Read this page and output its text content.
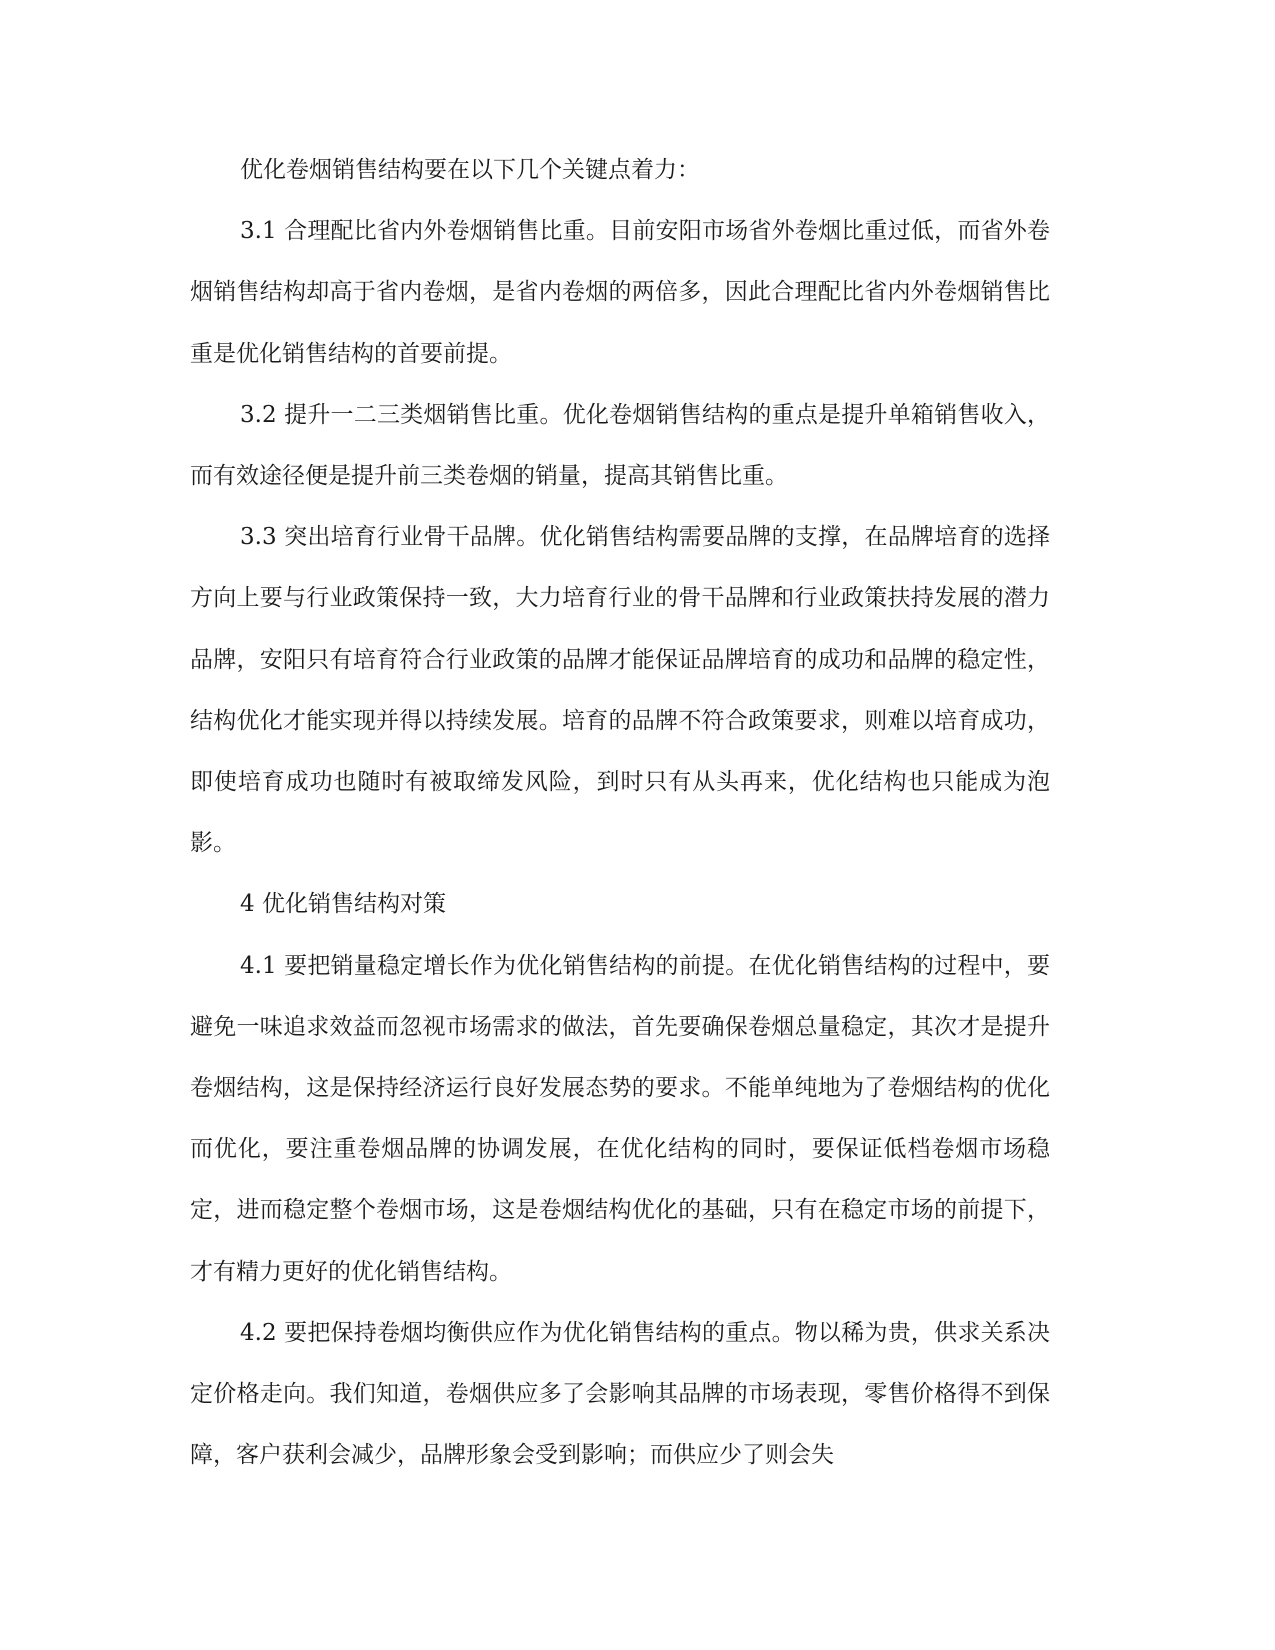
优化卷烟销售结构要在以下几个关键点着力：

3.1 合理配比省内外卷烟销售比重。目前安阳市场省外卷烟比重过低，而省外卷烟销售结构却高于省内卷烟，是省内卷烟的两倍多，因此合理配比省内外卷烟销售比重是优化销售结构的首要前提。

3.2 提升一二三类烟销售比重。优化卷烟销售结构的重点是提升单箱销售收入，而有效途径便是提升前三类卷烟的销量，提高其销售比重。

3.3 突出培育行业骨干品牌。优化销售结构需要品牌的支撑，在品牌培育的选择方向上要与行业政策保持一致，大力培育行业的骨干品牌和行业政策扶持发展的潜力品牌，安阳只有培育符合行业政策的品牌才能保证品牌培育的成功和品牌的稳定性，结构优化才能实现并得以持续发展。培育的品牌不符合政策要求，则难以培育成功，即使培育成功也随时有被取缔发风险，到时只有从头再来，优化结构也只能成为泡影。

4 优化销售结构对策

4.1 要把销量稳定增长作为优化销售结构的前提。在优化销售结构的过程中，要避免一味追求效益而忽视市场需求的做法，首先要确保卷烟总量稳定，其次才是提升卷烟结构，这是保持经济运行良好发展态势的要求。不能单纯地为了卷烟结构的优化而优化，要注重卷烟品牌的协调发展，在优化结构的同时，要保证低档卷烟市场稳定，进而稳定整个卷烟市场，这是卷烟结构优化的基础，只有在稳定市场的前提下，才有精力更好的优化销售结构。

4.2 要把保持卷烟均衡供应作为优化销售结构的重点。物以稀为贵，供求关系决定价格走向。我们知道，卷烟供应多了会影响其品牌的市场表现，零售价格得不到保障，客户获利会减少，品牌形象会受到影响；而供应少了则会失
